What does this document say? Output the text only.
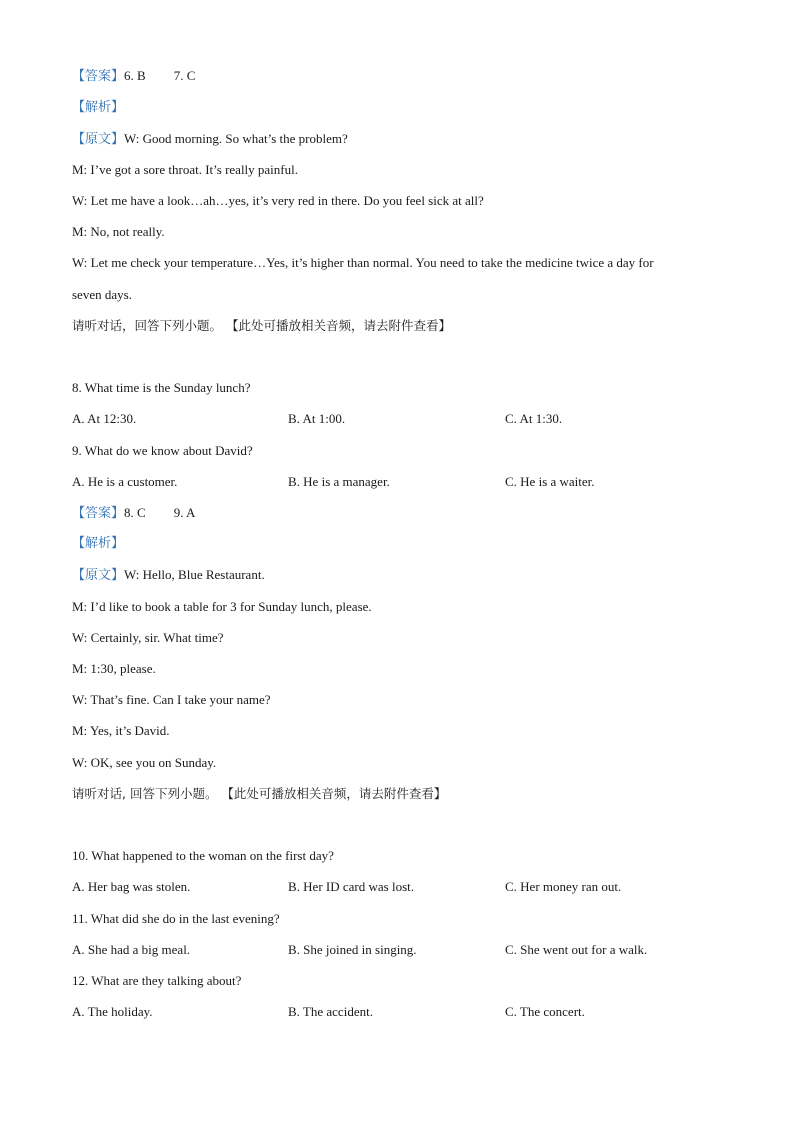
【答案】6. B 7. C
【解析】
【原文】W: Good morning. So what’s the problem?
M: I’ve got a sore throat. It’s really painful.
W: Let me have a look…ah…yes, it’s very red in there. Do you feel sick at all?
M: No, not really.
W: Let me check your temperature…Yes, it’s higher than normal. You need to take the medicine twice a day for
seven days.
请听对话，回答下列小题。 【此处可播放相关音频，请去附件查看】
8. What time is the Sunday lunch?
A. At 12:30.	B. At 1:00.	C. At 1:30.
9. What do we know about David?
A. He is a customer.	B. He is a manager.	C. He is a waiter.
【答案】8. C 9. A
【解析】
【原文】W: Hello, Blue Restaurant.
M: I’d like to book a table for 3 for Sunday lunch, please.
W: Certainly, sir. What time?
M: 1:30, please.
W: That’s fine. Can I take your name?
M: Yes, it’s David.
W: OK, see you on Sunday.
请听对话, 回答下列小题。 【此处可播放相关音频，请去附件查看】
10. What happened to the woman on the first day?
A. Her bag was stolen.	B. Her ID card was lost.	C. Her money ran out.
11. What did she do in the last evening?
A. She had a big meal.	B. She joined in singing.	C. She went out for a walk.
12. What are they talking about?
A. The holiday.	B. The accident.	C. The concert.
